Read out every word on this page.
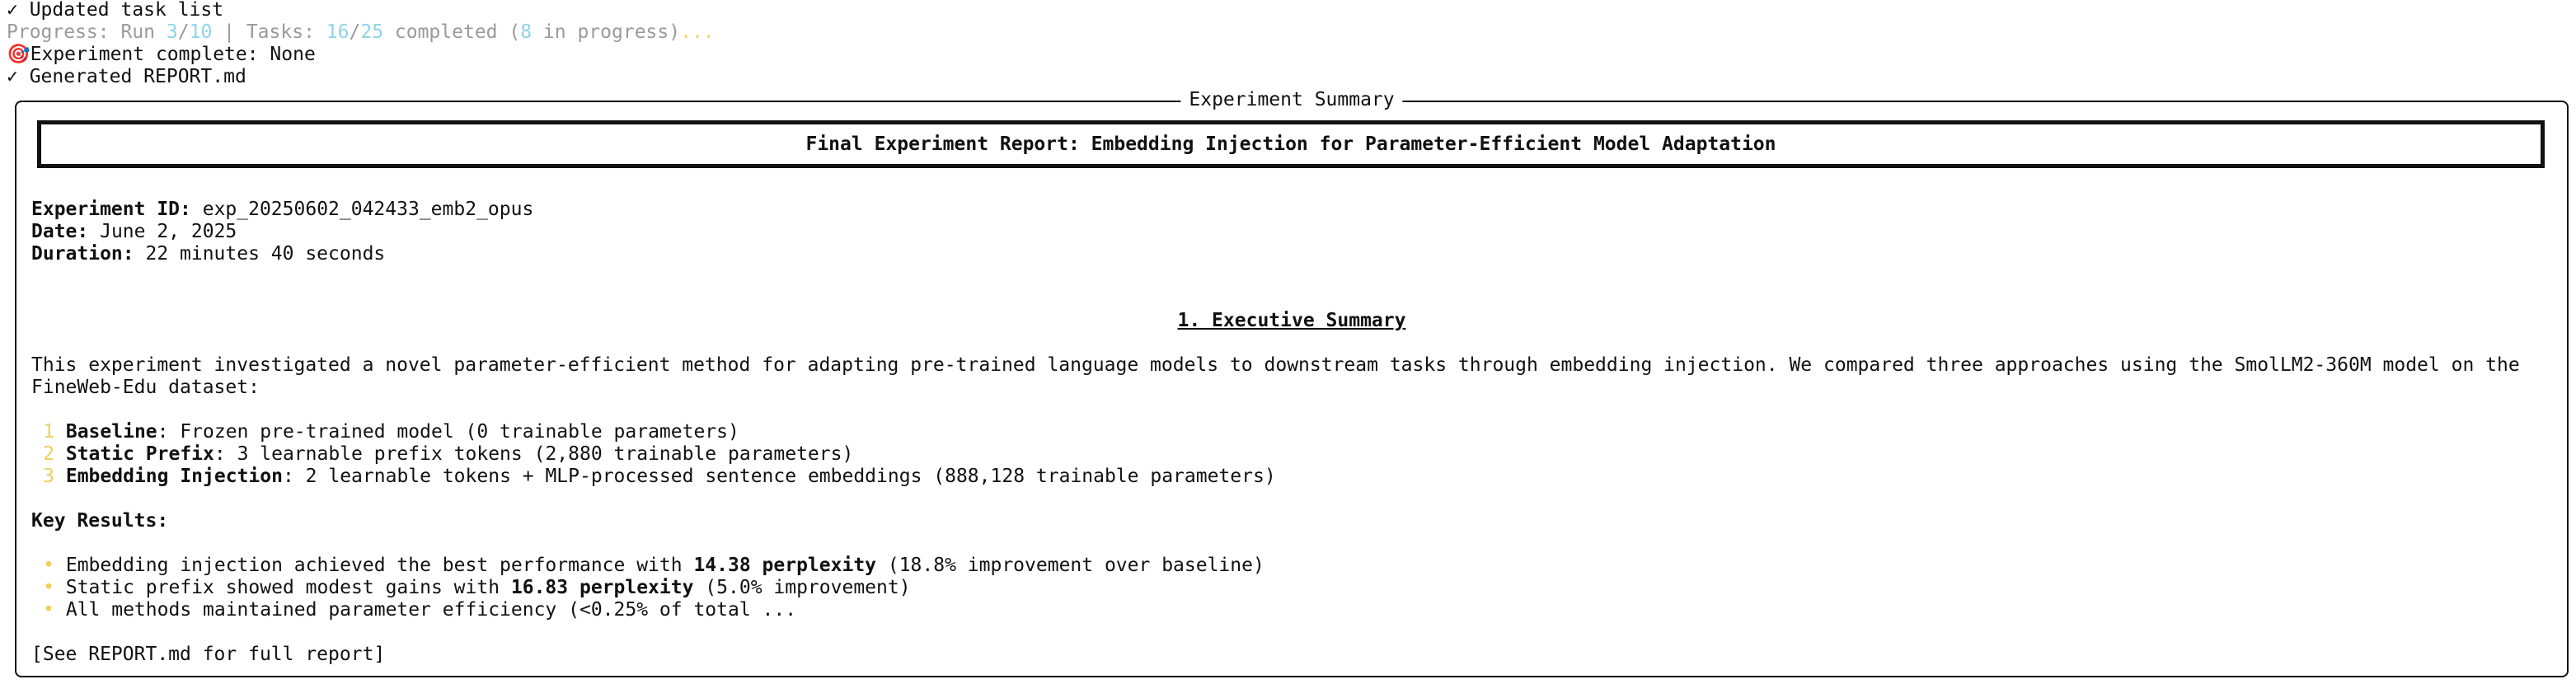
✓ Updated task list
Progress: Run 3/10 | Tasks: 16/25 completed (8 in progress)...
🎯Experiment complete: None
✓ Generated REPORT.md
Experiment Summary
Final Experiment Report: Embedding Injection for Parameter-Efficient Model Adaptation
Experiment ID: exp_20250602_042433_emb2_opus
Date: June 2, 2025
Duration: 22 minutes 40 seconds
1. Executive Summary
This experiment investigated a novel parameter-efficient method for adapting pre-trained language models to downstream tasks through embedding injection. We compared three approaches using the SmolLM2-360M model on the
FineWeb-Edu dataset:
1 Baseline: Frozen pre-trained model (0 trainable parameters)
2 Static Prefix: 3 learnable prefix tokens (2,880 trainable parameters)
3 Embedding Injection: 2 learnable tokens + MLP-processed sentence embeddings (888,128 trainable parameters)
Key Results:
• Embedding injection achieved the best performance with 14.38 perplexity (18.8% improvement over baseline)
• Static prefix showed modest gains with 16.83 perplexity (5.0% improvement)
• All methods maintained parameter efficiency (<0.25% of total ...
[See REPORT.md for full report]
